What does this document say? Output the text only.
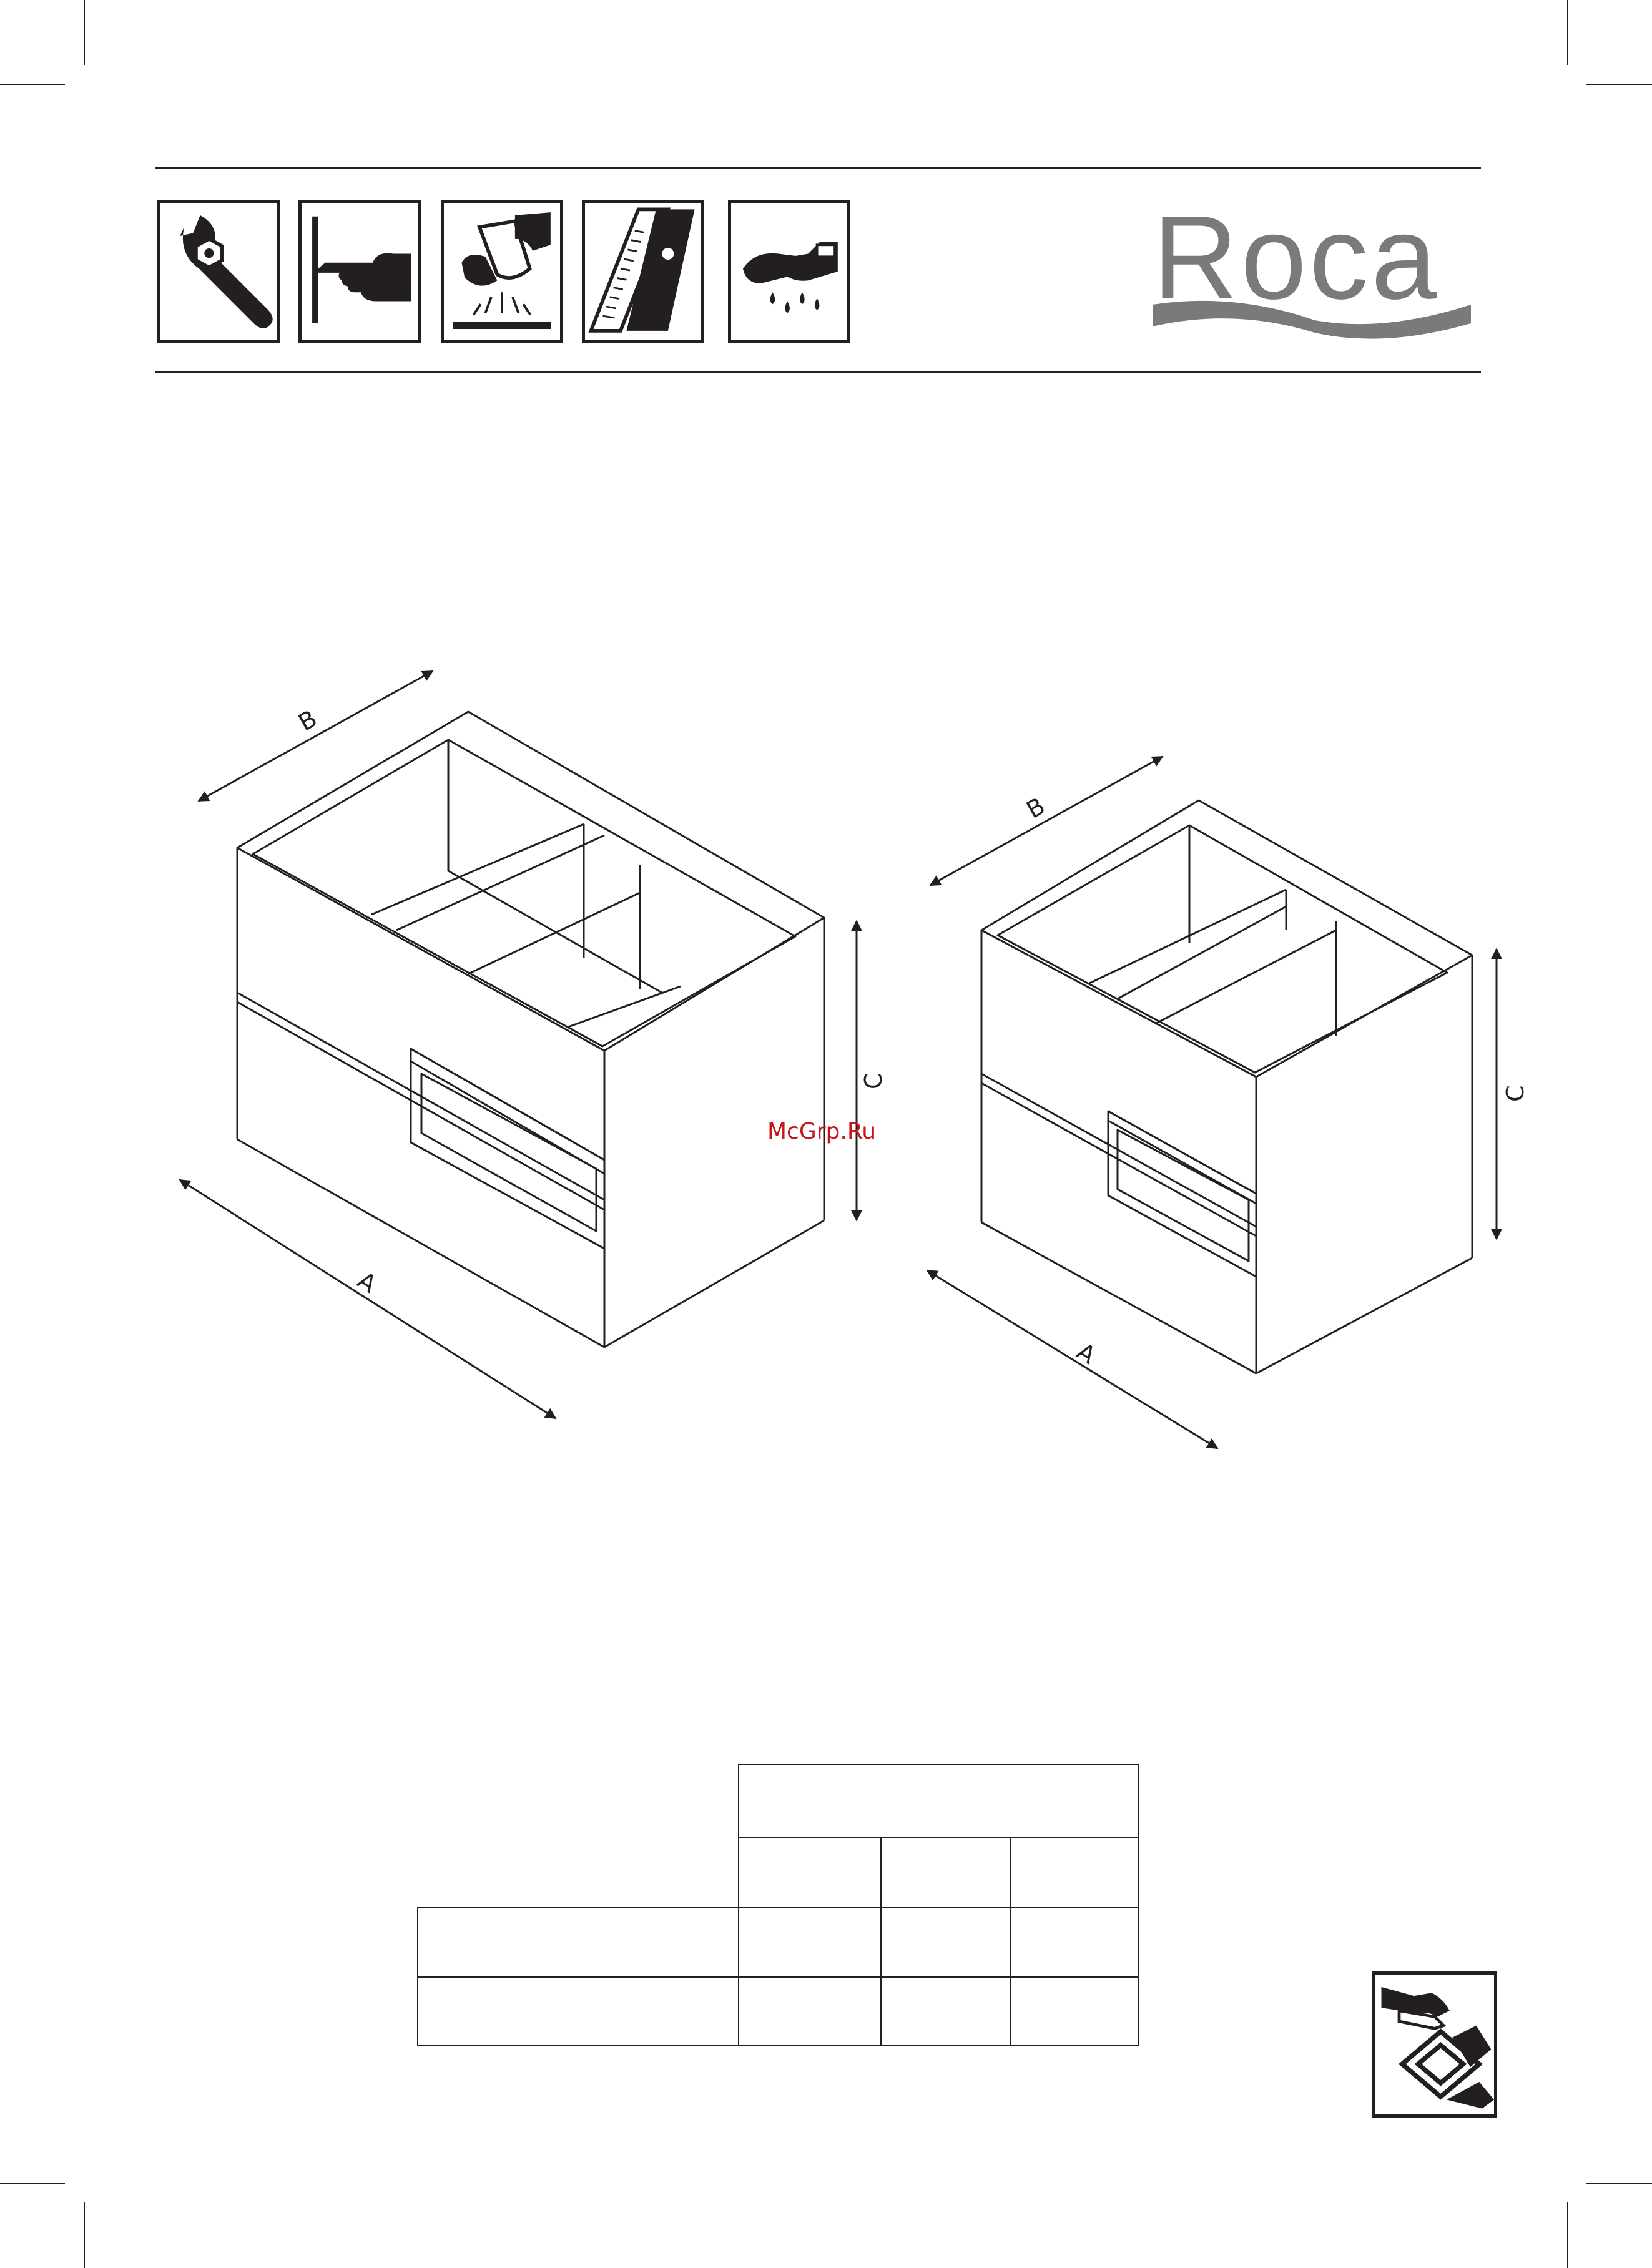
Roca
B
C
A
B
C
A
McGrp.Ru
